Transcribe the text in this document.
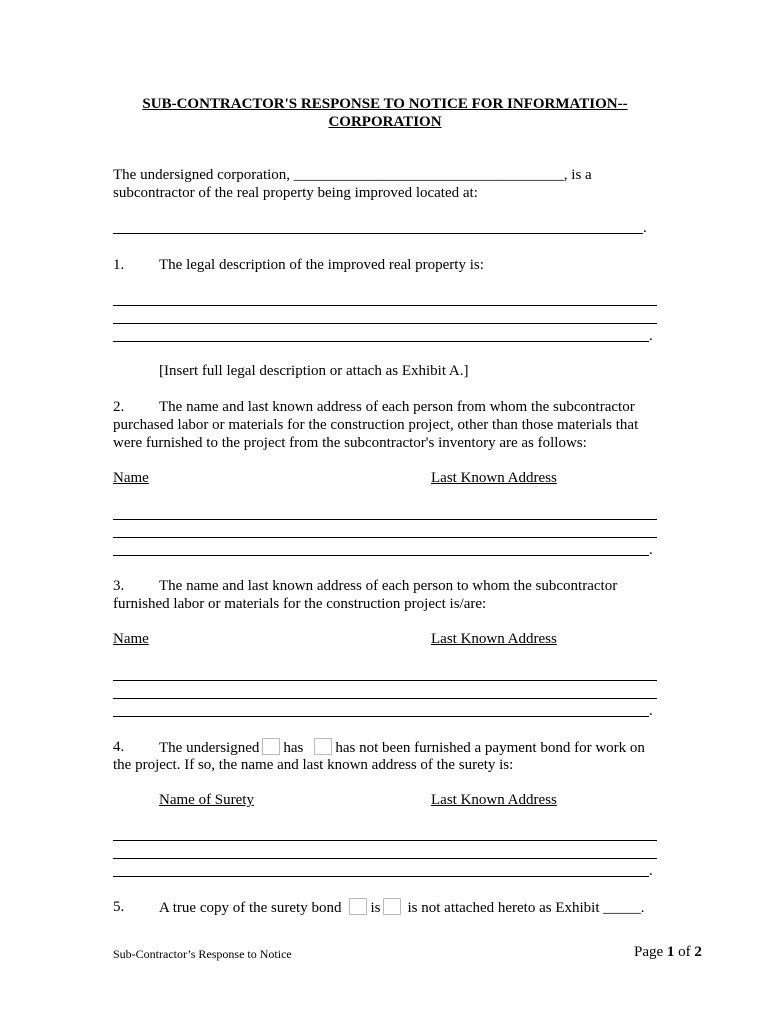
SUB-CONTRACTOR'S RESPONSE TO NOTICE FOR INFORMATION--
CORPORATION
The undersigned corporation, ____________________________________, is a
subcontractor of the real property being improved located at:
.
1. The legal description of the improved real property is:
.
[Insert full legal description or attach as Exhibit A.]
2. The name and last known address of each person from whom the subcontractor
purchased labor or materials for the construction project, other than those materials that
were furnished to the project from the subcontractor's inventory are as follows:
Name	Last Known Address
.
3. The name and last known address of each person to whom the subcontractor
furnished labor or materials for the construction project is/are:
Name	Last Known Address
.
4. The undersigned has has not been furnished a payment bond for work on
the project. If so, the name and last known address of the surety is:
Name of Surety	Last Known Address
.
5. A true copy of the surety bond is is not attached hereto as Exhibit _____.
Sub-Contractor’s Response to Notice	Page 1 of 2
